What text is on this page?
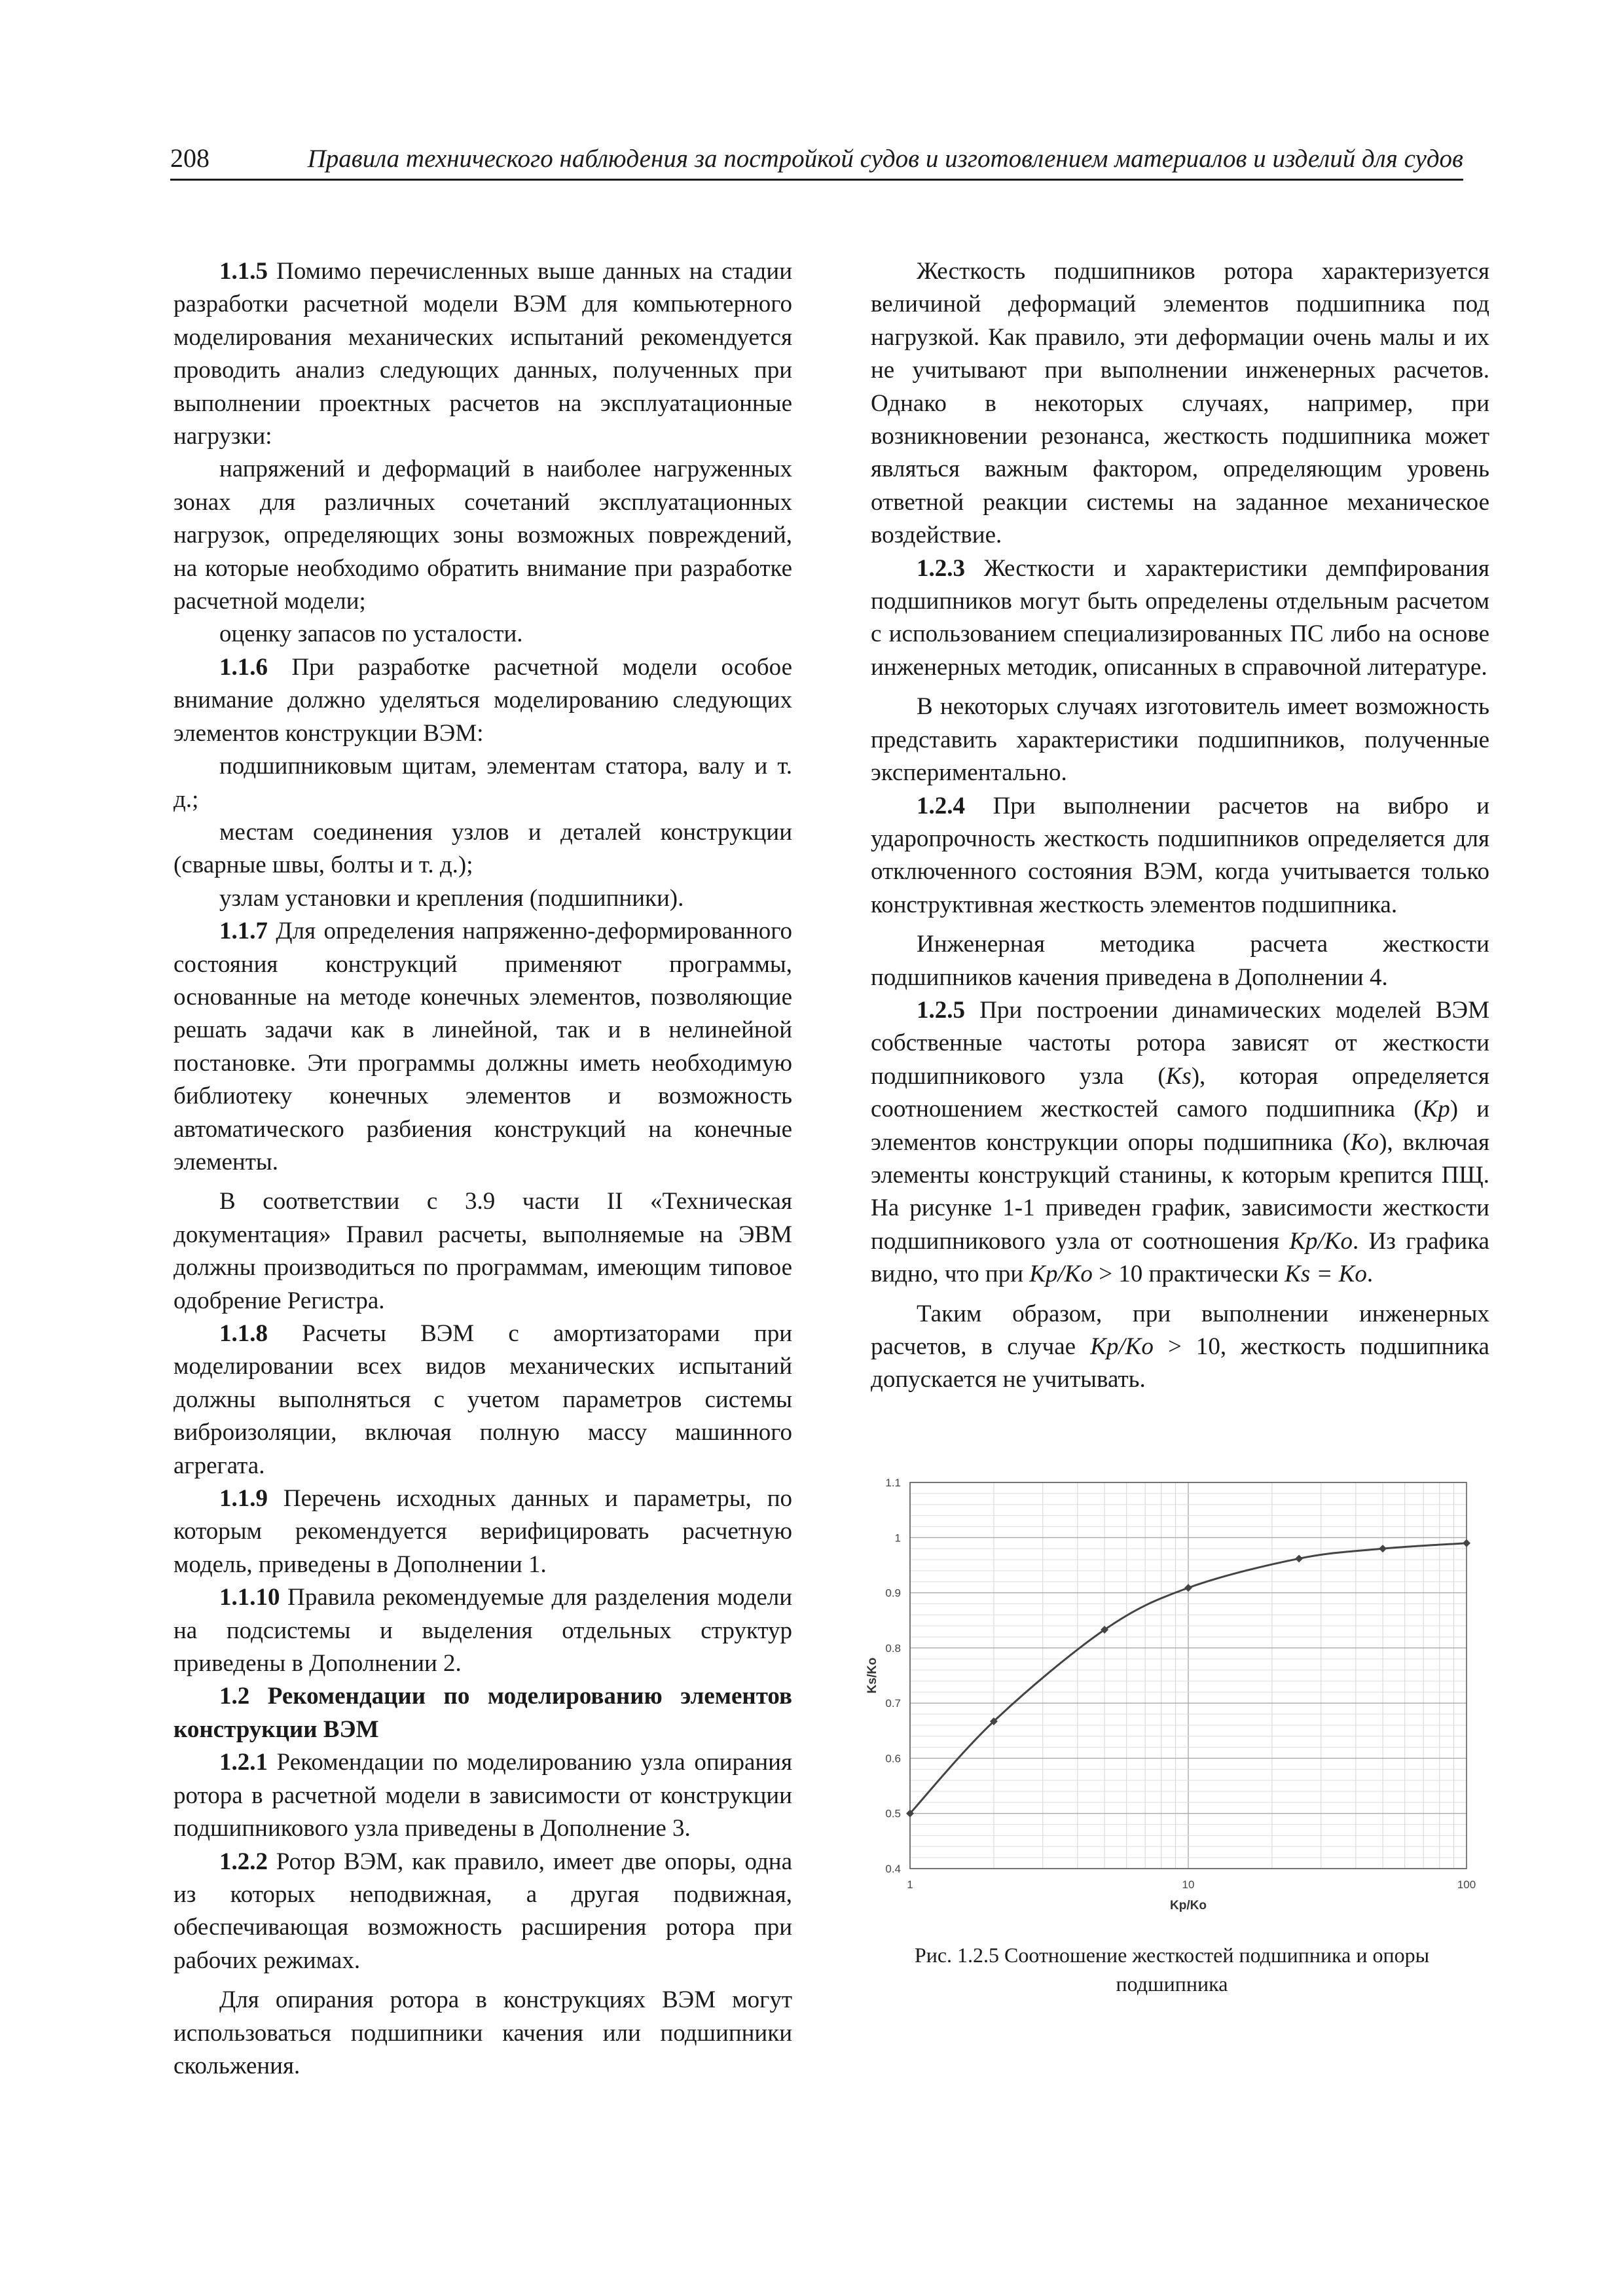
208	Правила технического наблюдения за постройкой судов и изготовлением материалов и изделий для судов

1.1.5 Помимо перечисленных выше данных на стадии разработки расчетной модели ВЭМ для компьютерного моделирования механических испытаний рекомендуется проводить анализ следующих данных, полученных при выполнении проектных расчетов на эксплуатационные нагрузки:

напряжений и деформаций в наиболее нагруженных зонах для различных сочетаний эксплуатационных нагрузок, определяющих зоны возможных повреждений, на которые необходимо обратить внимание при разработке расчетной модели;

оценку запасов по усталости.

1.1.6 При разработке расчетной модели особое внимание должно уделяться моделированию следующих элементов конструкции ВЭМ:

подшипниковым щитам, элементам статора, валу и т. д.;

местам соединения узлов и деталей конструкции (сварные швы, болты и т. д.);

узлам установки и крепления (подшипники).

1.1.7 Для определения напряженно-деформированного состояния конструкций применяют программы, основанные на методе конечных элементов, позволяющие решать задачи как в линейной, так и в нелинейной постановке. Эти программы должны иметь необходимую библиотеку конечных элементов и возможность автоматического разбиения конструкций на конечные элементы.

В соответствии с 3.9 части II «Техническая документация» Правил расчеты, выполняемые на ЭВМ должны производиться по программам, имеющим типовое одобрение Регистра.

1.1.8 Расчеты ВЭМ с амортизаторами при моделировании всех видов механических испытаний должны выполняться с учетом параметров системы виброизоляции, включая полную массу машинного агрегата.

1.1.9 Перечень исходных данных и параметры, по которым рекомендуется верифицировать расчетную модель, приведены в Дополнении 1.

1.1.10 Правила рекомендуемые для разделения модели на подсистемы и выделения отдельных структур приведены в Дополнении 2.

1.2 Рекомендации по моделированию элементов конструкции ВЭМ

1.2.1 Рекомендации по моделированию узла опирания ротора в расчетной модели в зависимости от конструкции подшипникового узла приведены в Дополнение 3.

1.2.2 Ротор ВЭМ, как правило, имеет две опоры, одна из которых неподвижная, а другая подвижная, обеспечивающая возможность расширения ротора при рабочих режимах.

Для опирания ротора в конструкциях ВЭМ могут использоваться подшипники качения или подшипники скольжения.

Жесткость подшипников ротора характеризуется величиной деформаций элементов подшипника под нагрузкой. Как правило, эти деформации очень малы и их не учитывают при выполнении инженерных расчетов. Однако в некоторых случаях, например, при возникновении резонанса, жесткость подшипника может являться важным фактором, определяющим уровень ответной реакции системы на заданное механическое воздействие.

1.2.3 Жесткости и характеристики демпфирования подшипников могут быть определены отдельным расчетом с использованием специализированных ПС либо на основе инженерных методик, описанных в справочной литературе.

В некоторых случаях изготовитель имеет возможность представить характеристики подшипников, полученные экспериментально.

1.2.4 При выполнении расчетов на вибро и ударопрочность жесткость подшипников определяется для отключенного состояния ВЭМ, когда учитывается только конструктивная жесткость элементов подшипника.

Инженерная методика расчета жесткости подшипников качения приведена в Дополнении 4.

1.2.5 При построении динамических моделей ВЭМ собственные частоты ротора зависят от жесткости подшипникового узла (Ks), которая определяется соотношением жесткостей самого подшипника (Kp) и элементов конструкции опоры подшипника (Ko), включая элементы конструкций станины, к которым крепится ПЩ. На рисунке 1-1 приведен график, зависимости жесткости подшипникового узла от соотношения Kp/Ko. Из графика видно, что при Kp/Ko > 10 практически Ks = Ko.

Таким образом, при выполнении инженерных расчетов, в случае Kp/Ko > 10, жесткость подшипника допускается не учитывать.

0.4
0.5
0.6
0.7
0.8
0.9
1
1.1
1	10	100
Kp/Ko
Ks/Ko
Рис. 1.2.5 Соотношение жесткостей подшипника и опоры подшипника
